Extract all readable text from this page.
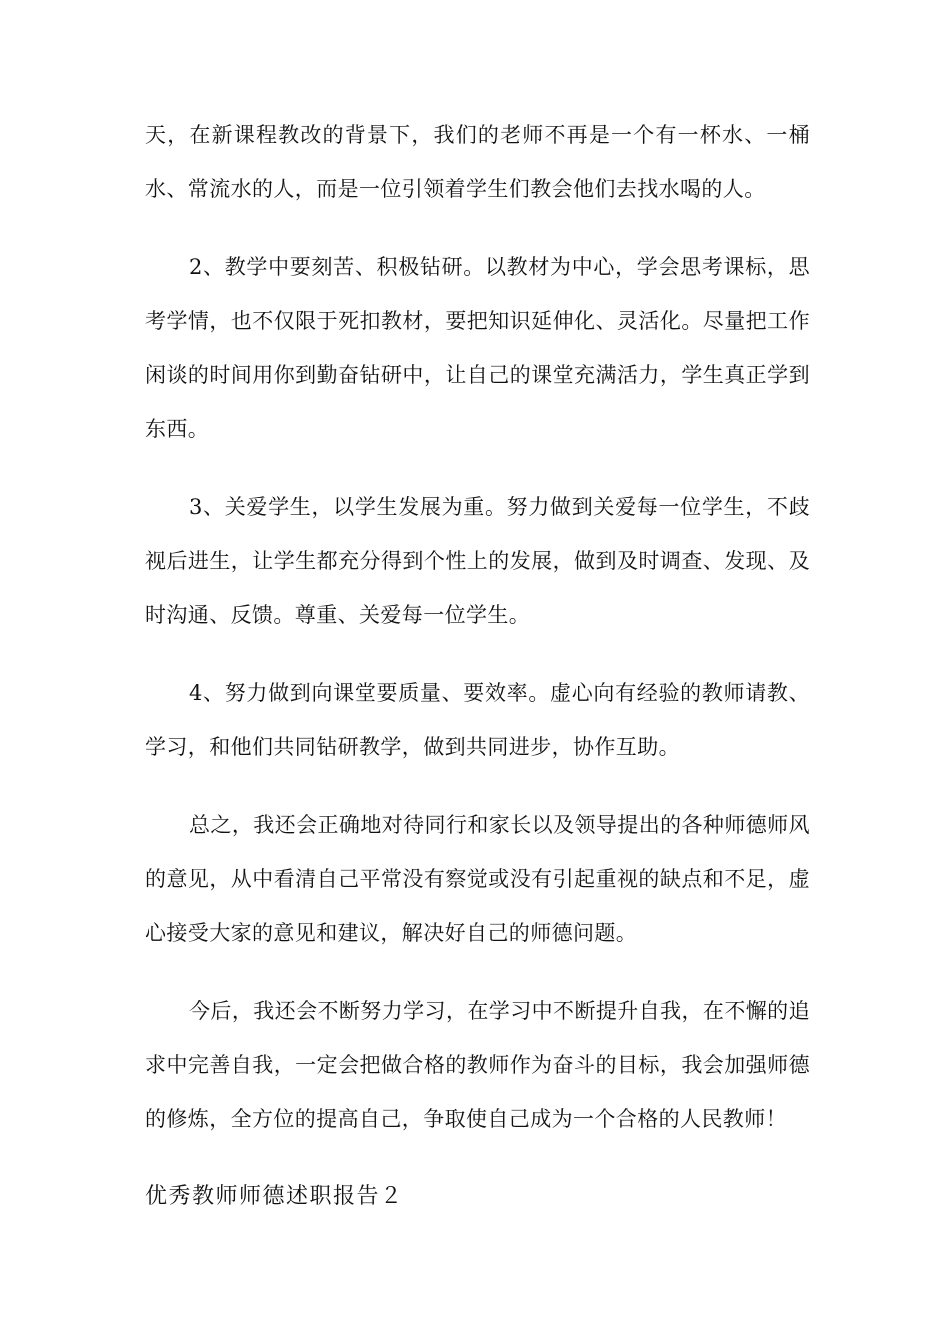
天，在新课程教改的背景下，我们的老师不再是一个有一杯水、一桶水、常流水的人，而是一位引领着学生们教会他们去找水喝的人。

2、教学中要刻苦、积极钻研。以教材为中心，学会思考课标，思考学情，也不仅限于死扣教材，要把知识延伸化、灵活化。尽量把工作闲谈的时间用你到勤奋钻研中，让自己的课堂充满活力，学生真正学到东西。

3、关爱学生，以学生发展为重。努力做到关爱每一位学生，不歧视后进生，让学生都充分得到个性上的发展，做到及时调查、发现、及时沟通、反馈。尊重、关爱每一位学生。

4、努力做到向课堂要质量、要效率。虚心向有经验的教师请教、学习，和他们共同钻研教学，做到共同进步，协作互助。

总之，我还会正确地对待同行和家长以及领导提出的各种师德师风的意见，从中看清自己平常没有察觉或没有引起重视的缺点和不足，虚心接受大家的意见和建议，解决好自己的师德问题。

今后，我还会不断努力学习，在学习中不断提升自我，在不懈的追求中完善自我，一定会把做合格的教师作为奋斗的目标，我会加强师德的修炼，全方位的提高自己，争取使自己成为一个合格的人民教师！

优秀教师师德述职报告２
